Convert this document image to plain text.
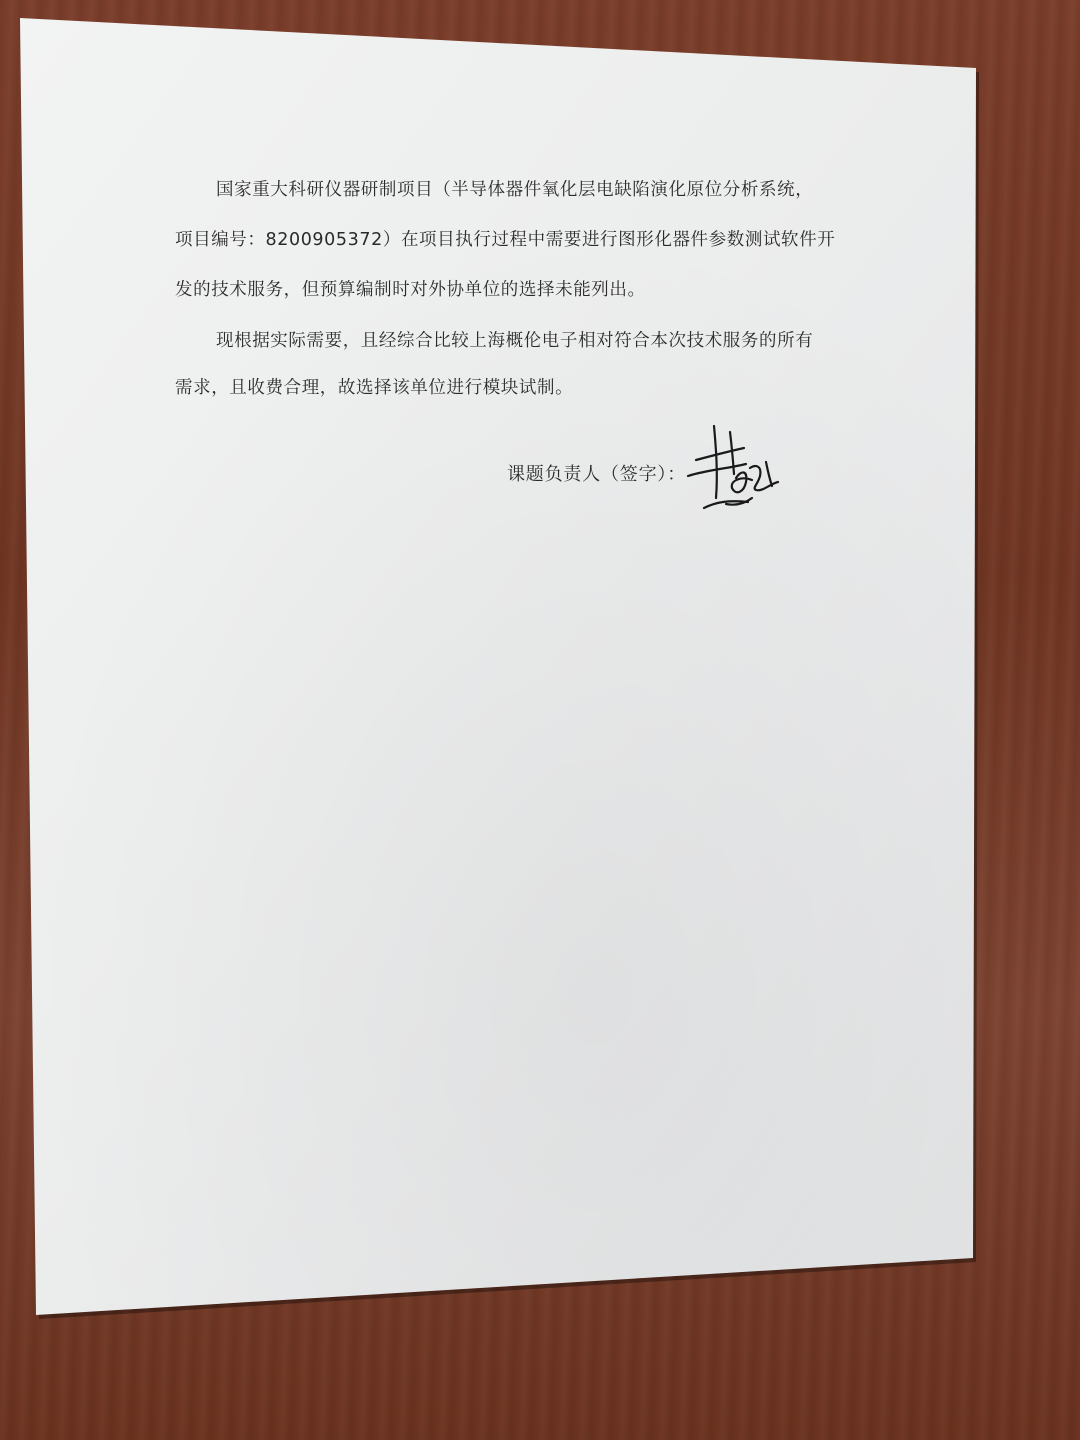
国家重大科研仪器研制项目（半导体器件氧化层电缺陷演化原位分析系统，
项目编号：8200905372）在项目执行过程中需要进行图形化器件参数测试软件开
发的技术服务，但预算编制时对外协单位的选择未能列出。
现根据实际需要，且经综合比较上海概伦电子相对符合本次技术服务的所有
需求，且收费合理，故选择该单位进行模块试制。
课题负责人（签字）：
